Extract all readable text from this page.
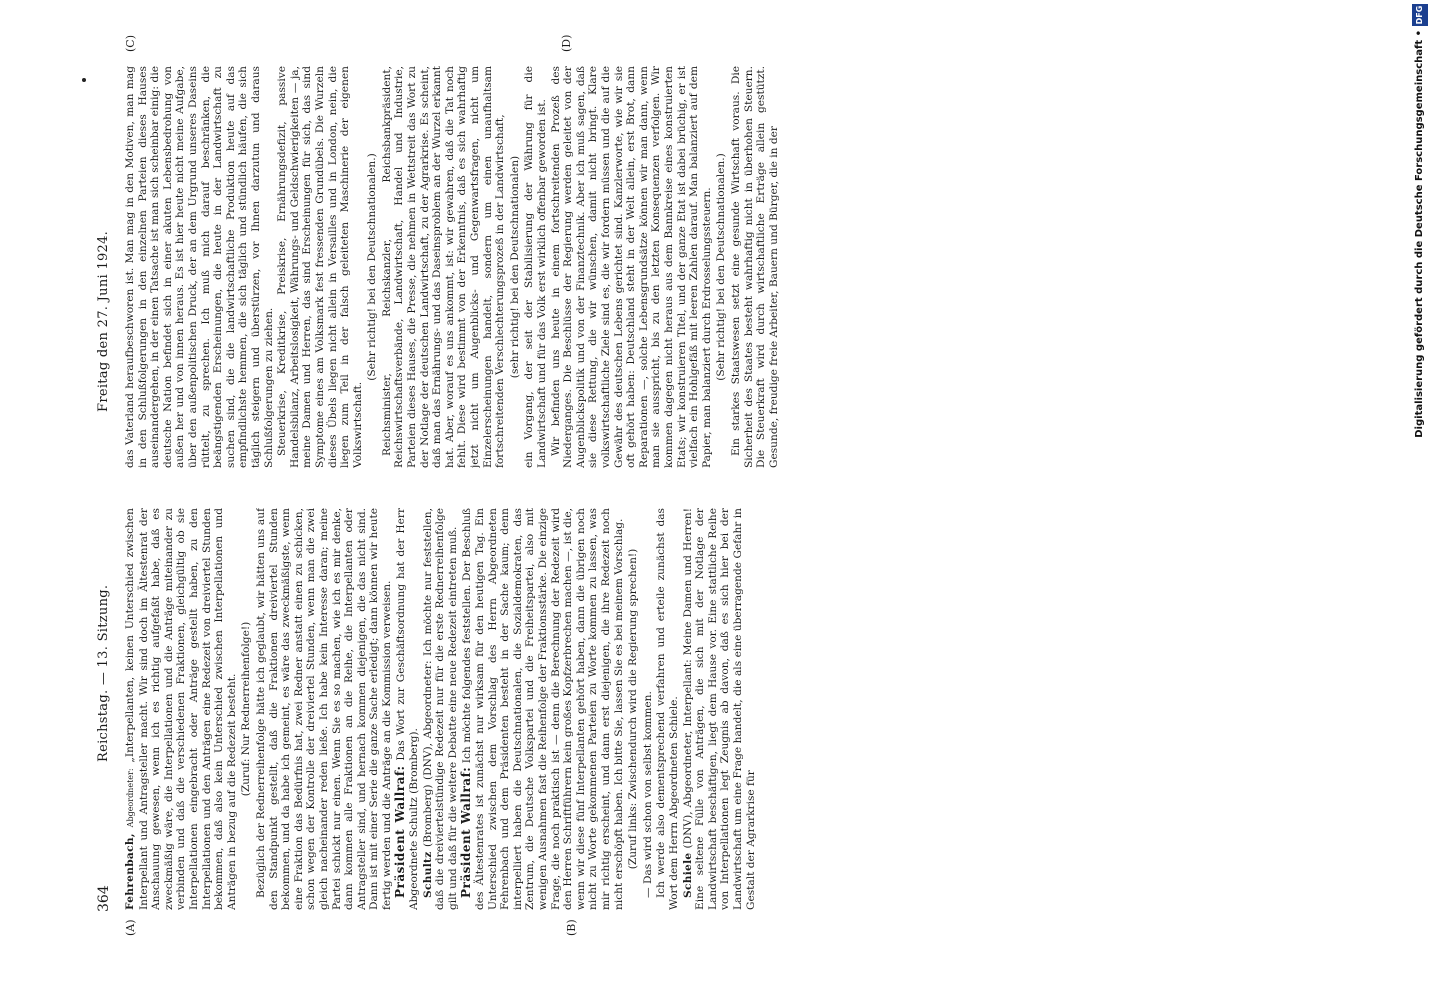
364
Reichstag. — 13. Sitzung.
Freitag den 27. Juni 1924.
(A)	(B)
(C)	(D)

Fehrenbach, Abgeordneter: „Interpellanten, keinen Unterschied zwischen Interpellant und Antragsteller macht. Wir sind doch im Ältestenrat der Anschauung gewesen, wenn ich es richtig aufgefaßt habe, daß es zweckmäßig wäre, die Interpellationen und die Anträge miteinander zu verbinden und daß die verschiedenen Fraktionen, gleichgültig ob sie Interpellationen eingebracht oder Anträge gestellt haben, zu den Interpellationen und den Anträgen eine Redezeit von dreiviertel Stunden bekommen, daß also kein Unterschied zwischen Interpellationen und Anträgen in bezug auf die Redezeit besteht. (Zuruf: Nur Rednerreihenfolge!) Bezüglich der Rednerreihenfolge hätte ich geglaubt, wir hätten uns auf den Standpunkt gestellt, daß die Fraktionen dreiviertel Stunden bekommen, und da habe ich gemeint, es wäre das zweckmäßigste, wenn eine Fraktion das Bedürfnis hat, zwei Redner anstatt einen zu schicken, schon wegen der Kontrolle der dreiviertel Stunden, wenn man die zwei gleich nacheinander reden ließe. Ich habe kein Interesse daran; meine Partei schickt nur einen. Wenn Sie es so machen, wie ich es mir denke, dann kommen alle Fraktionen an die Reihe, die Interpellanten oder Antragsteller sind, und hernach kommen diejenigen, die das nicht sind. Dann ist mit einer Serie die ganze Sache erledigt; dann können wir heute fertig werden und die Anträge an die Kommission verweisen. Präsident Wallraf: Das Wort zur Geschäftsordnung hat der Herr Abgeordnete Schultz (Bromberg). Schultz (Bromberg) (DNV), Abgeordneter: Ich möchte nur feststellen, daß die dreiviertelstündige Redezeit nur für die erste Rednerreihenfolge gilt und daß für die weitere Debatte eine neue Redezeit eintreten muß. Präsident Wallraf: Ich möchte folgendes feststellen. Der Beschluß des Ältestenrates ist zunächst nur wirksam für den heutigen Tag. Ein Unterschied zwischen dem Vorschlag des Herrn Abgeordneten Fehrenbach und dem Präsidenten besteht in der Sache kaum; denn interpelliert haben die Deutschnationalen, die Sozialdemokraten, das Zentrum, die Deutsche Volkspartei und die Freiheitspartei, also mit wenigen Ausnahmen fast die Reihenfolge der Fraktionsstärke. Die einzige Frage, die noch praktisch ist — denn die Berechnung der Redezeit wird den Herren Schriftführern kein großes Kopfzerbrechen machen —, ist die, wenn wir diese fünf Interpellanten gehört haben, dann die übrigen noch nicht zu Worte gekommenen Parteien zu Worte kommen zu lassen, was mir richtig erscheint, und dann erst diejenigen, die ihre Redezeit noch nicht erschöpft haben. Ich bitte Sie, lassen Sie es bei meinem Vorschlag. (Zuruf links: Zwischendurch wird die Regierung sprechen!) — Das wird schon von selbst kommen. Ich werde also dementsprechend verfahren und erteile zunächst das Wort dem Herrn Abgeordneten Schiele. Schiele (DNV), Abgeordneter, Interpellant: Meine Damen und Herren! Eine seltene Fülle von Anträgen, die sich mit der Notlage der Landwirtschaft beschäftigen, liegt dem Hause vor. Eine stattliche Reihe von Interpellationen legt Zeugnis ab davon, daß es sich hier bei der Landwirtschaft um eine Frage handelt, die als eine überragende Gefahr in Gestalt der Agrarkrise für

das Vaterland heraufbeschworen ist. Man mag in den Motiven, man mag in den Schlußfolgerungen in den einzelnen Parteien dieses Hauses auseinandergehen, in der einen Tatsache ist man sich scheinbar einig: die deutsche Nation befindet sich in einer akuten Lebensbedrohung von außen her und von innen heraus. Es ist hier heute nicht meine Aufgabe, über den außenpolitischen Druck, der an dem Urgrund unseres Daseins rüttelt, zu sprechen. Ich muß mich darauf beschränken, die beängstigenden Erscheinungen, die heute in der Landwirtschaft zu suchen sind, die die landwirtschaftliche Produktion heute auf das empfindlichste hemmen, die sich täglich und stündlich häufen, die sich täglich steigern und überstürzen, vor Ihnen darzutun und daraus Schlußfolgerungen zu ziehen. Steuerkrise, Kreditkrise, Preiskrise, Ernährungsdefizit, passive Handelsbilanz, Arbeitslosigkeit, Währungs- und Geldschwierigkeiten — ja, meine Damen und Herren, das sind Erscheinungen für sich, das sind Symptome eines am Volksmark fest fressenden Grundübels. Die Wurzeln dieses Übels liegen nicht allein in Versailles und in London, nein, die liegen zum Teil in der falsch geleiteten Maschinerie der eigenen Volkswirtschaft.

(Sehr richtig! bei den Deutschnationalen.) Reichsminister, Reichskanzler, Reichsbankpräsident, Reichswirtschaftsverbände, Landwirtschaft, Handel und Industrie, Parteien dieses Hauses, die Presse, die nehmen in Wettstreit das Wort zu der Notlage der deutschen Landwirtschaft, zu der Agrarkrise. Es scheint, daß man das Ernährungs- und das Daseinsproblem an der Wurzel erkannt hat. Aber, worauf es uns ankommt, ist: wir gewahren, daß die Tat noch fehlt. Diese wird bestimmt von der Erkenntnis, daß es sich wahrhaftig jetzt nicht um Augenblicks- und Gegenwartsfragen, nicht um Einzelerscheinungen handelt, sondern um einen unaufhaltsam fortschreitenden Verschlechterungsprozeß in der Landwirtschaft, (sehr richtig! bei den Deutschnationalen) ein Vorgang, der seit der Stabilisierung der Währung für die Landwirtschaft und für das Volk erst wirklich offenbar geworden ist. Wir befinden uns heute in einem fortschreitenden Prozeß des Niederganges. Die Beschlüsse der Regierung werden geleitet von der Augenblickspolitik und von der Finanztechnik. Aber ich muß sagen, daß sie diese Rettung, die wir wünschen, damit nicht bringt. Klare volkswirtschaftliche Ziele sind es, die wir fordern müssen und die auf die Gewähr des deutschen Lebens gerichtet sind. Kanzlerworte, wie wir sie oft gehört haben: Deutschland steht in der Welt allein, erst Brot, dann Reparationen —, solche Lebensgrundsätze können wir man dann, wenn man sie ausspricht, bis zu den letzten Konsequenzen verfolgen. Wir kommen dagegen nicht heraus aus dem Bannkreise eines konstruierten Etats; wir konstruieren Titel, und der ganze Etat ist dabei brüchig, er ist vielfach ein Hohlgefäß mit leeren Zahlen darauf. Man balanziert auf dem Papier, man balanziert durch Erdrosselungssteuern. (Sehr richtig! bei den Deutschnationalen.) Ein starkes Staatswesen setzt eine gesunde Wirtschaft voraus. Die Sicherheit des Staates besteht wahrhaftig nicht in überhohen Steuern. Die Steuerkraft wird durch wirtschaftliche Erträge allein gestützt. Gesunde, freudige freie Arbeiter, Bauern und Bürger, die in der	Digitalisierung gefördert durch die Deutsche Forschungsgemeinschaft •
DFG
